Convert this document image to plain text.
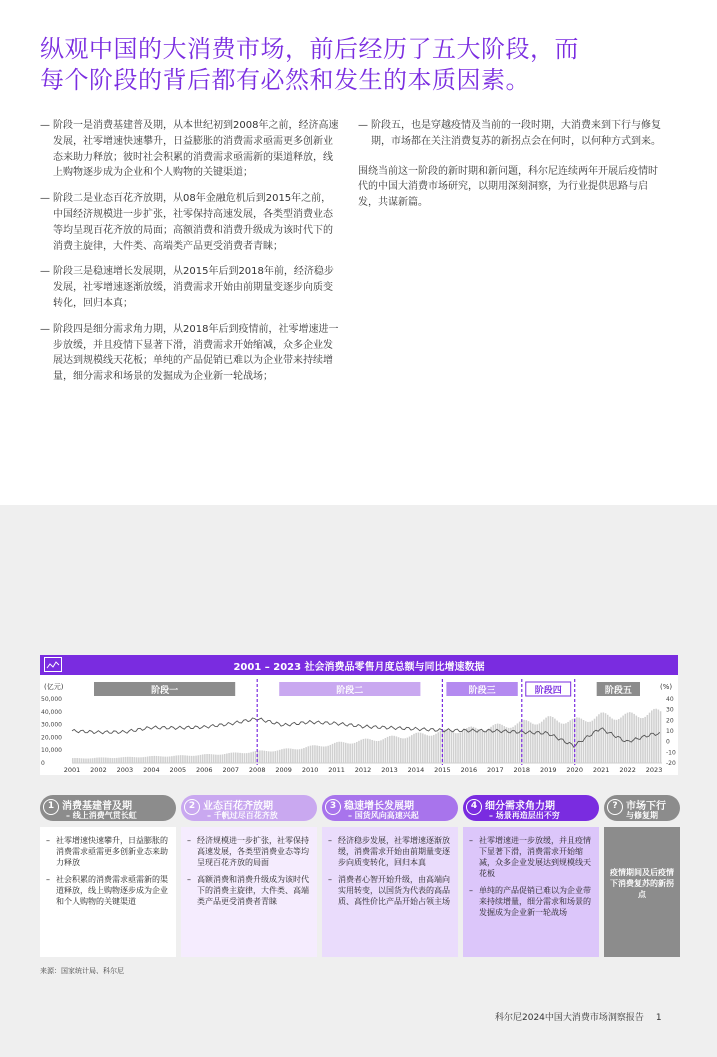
纵观中国的大消费市场，前后经历了五大阶段，而
每个阶段的背后都有必然和发生的本质因素。
— 阶段一是消费基建普及期，从本世纪初到2008年之前，经济高速发展，社零增速快速攀升，日益膨胀的消费需求亟需更多创新业态来助力释放；彼时社会积累的消费需求亟需新的渠道释放，线上购物逐步成为企业和个人购物的关键渠道；
— 阶段二是业态百花齐放期，从08年金融危机后到2015年之前，中国经济规模进一步扩张，社零保持高速发展，各类型消费业态等均呈现百花齐放的局面；高额消费和消费升级成为该时代下的消费主旋律，大件类、高端类产品更受消费者青睐；
— 阶段三是稳速增长发展期，从2015年后到2018年前，经济稳步发展，社零增速逐渐放缓，消费需求开始由前期量变逐步向质变转化，回归本真；
— 阶段四是细分需求角力期，从2018年后到疫情前，社零增速进一步放缓，并且疫情下显著下滑，消费需求开始缩减，众多企业发展达到规模线天花板；单纯的产品促销已难以为企业带来持续增量，细分需求和场景的发掘成为企业新一轮战场；
— 阶段五，也是穿越疫情及当前的一段时期，大消费来到下行与修复期，市场都在关注消费复苏的新拐点会在何时，以何种方式到来。
围绕当前这一阶段的新时期和新问题，科尔尼连续两年开展后疫情时代的中国大消费市场研究，以期用深刻洞察，为行业提供思路与启发，共谋新篇。
(亿元)	(%)
50,000
40,000
30,000
20,000
10,000
0
40
30
20
10
0
-10
-20
2001 2002 2003 2004 2005 2006 2007 2008 2009 2010 2011 2012 2013 2014 2015 2016 2017 2018 2019 2020 2021 2022 2023
阶段一	阶段二	阶段三	阶段四	阶段五
2001 – 2023 社会消费品零售月度总额与同比增速数据
1 消费基建普及期
– 线上消费气贯长虹
– 社零增速快速攀升，日益膨胀的消费需求亟需更多创新业态来助力释放
– 社会积累的消费需求亟需新的渠道释放，线上购物逐步成为企业和个人购物的关键渠道
2 业态百花齐放期
– 千帆过尽百花齐放
– 经济规模进一步扩张，社零保持高速发展，各类型消费业态等均呈现百花齐放的局面
– 高额消费和消费升级成为该时代下的消费主旋律，大件类、高端类产品更受消费者青睐
3 稳速增长发展期
– 国货风向高速兴起
– 经济稳步发展，社零增速逐渐放缓，消费需求开始由前期量变逐步向质变转化，回归本真
– 消费者心智开始升级，由高端向实用转变，以国货为代表的高品质、高性价比产品开始占领主场
4 细分需求角力期
– 场景再造层出不穷
– 社零增速进一步放缓，并且疫情下显著下滑，消费需求开始缩减，众多企业发展达到规模线天花板
– 单纯的产品促销已难以为企业带来持续增量，细分需求和场景的发掘成为企业新一轮战场
? 市场下行
与修复期
疫情期间及后疫情下消费复苏的新拐点
来源：国家统计局、科尔尼
科尔尼2024中国大消费市场洞察报告 1
